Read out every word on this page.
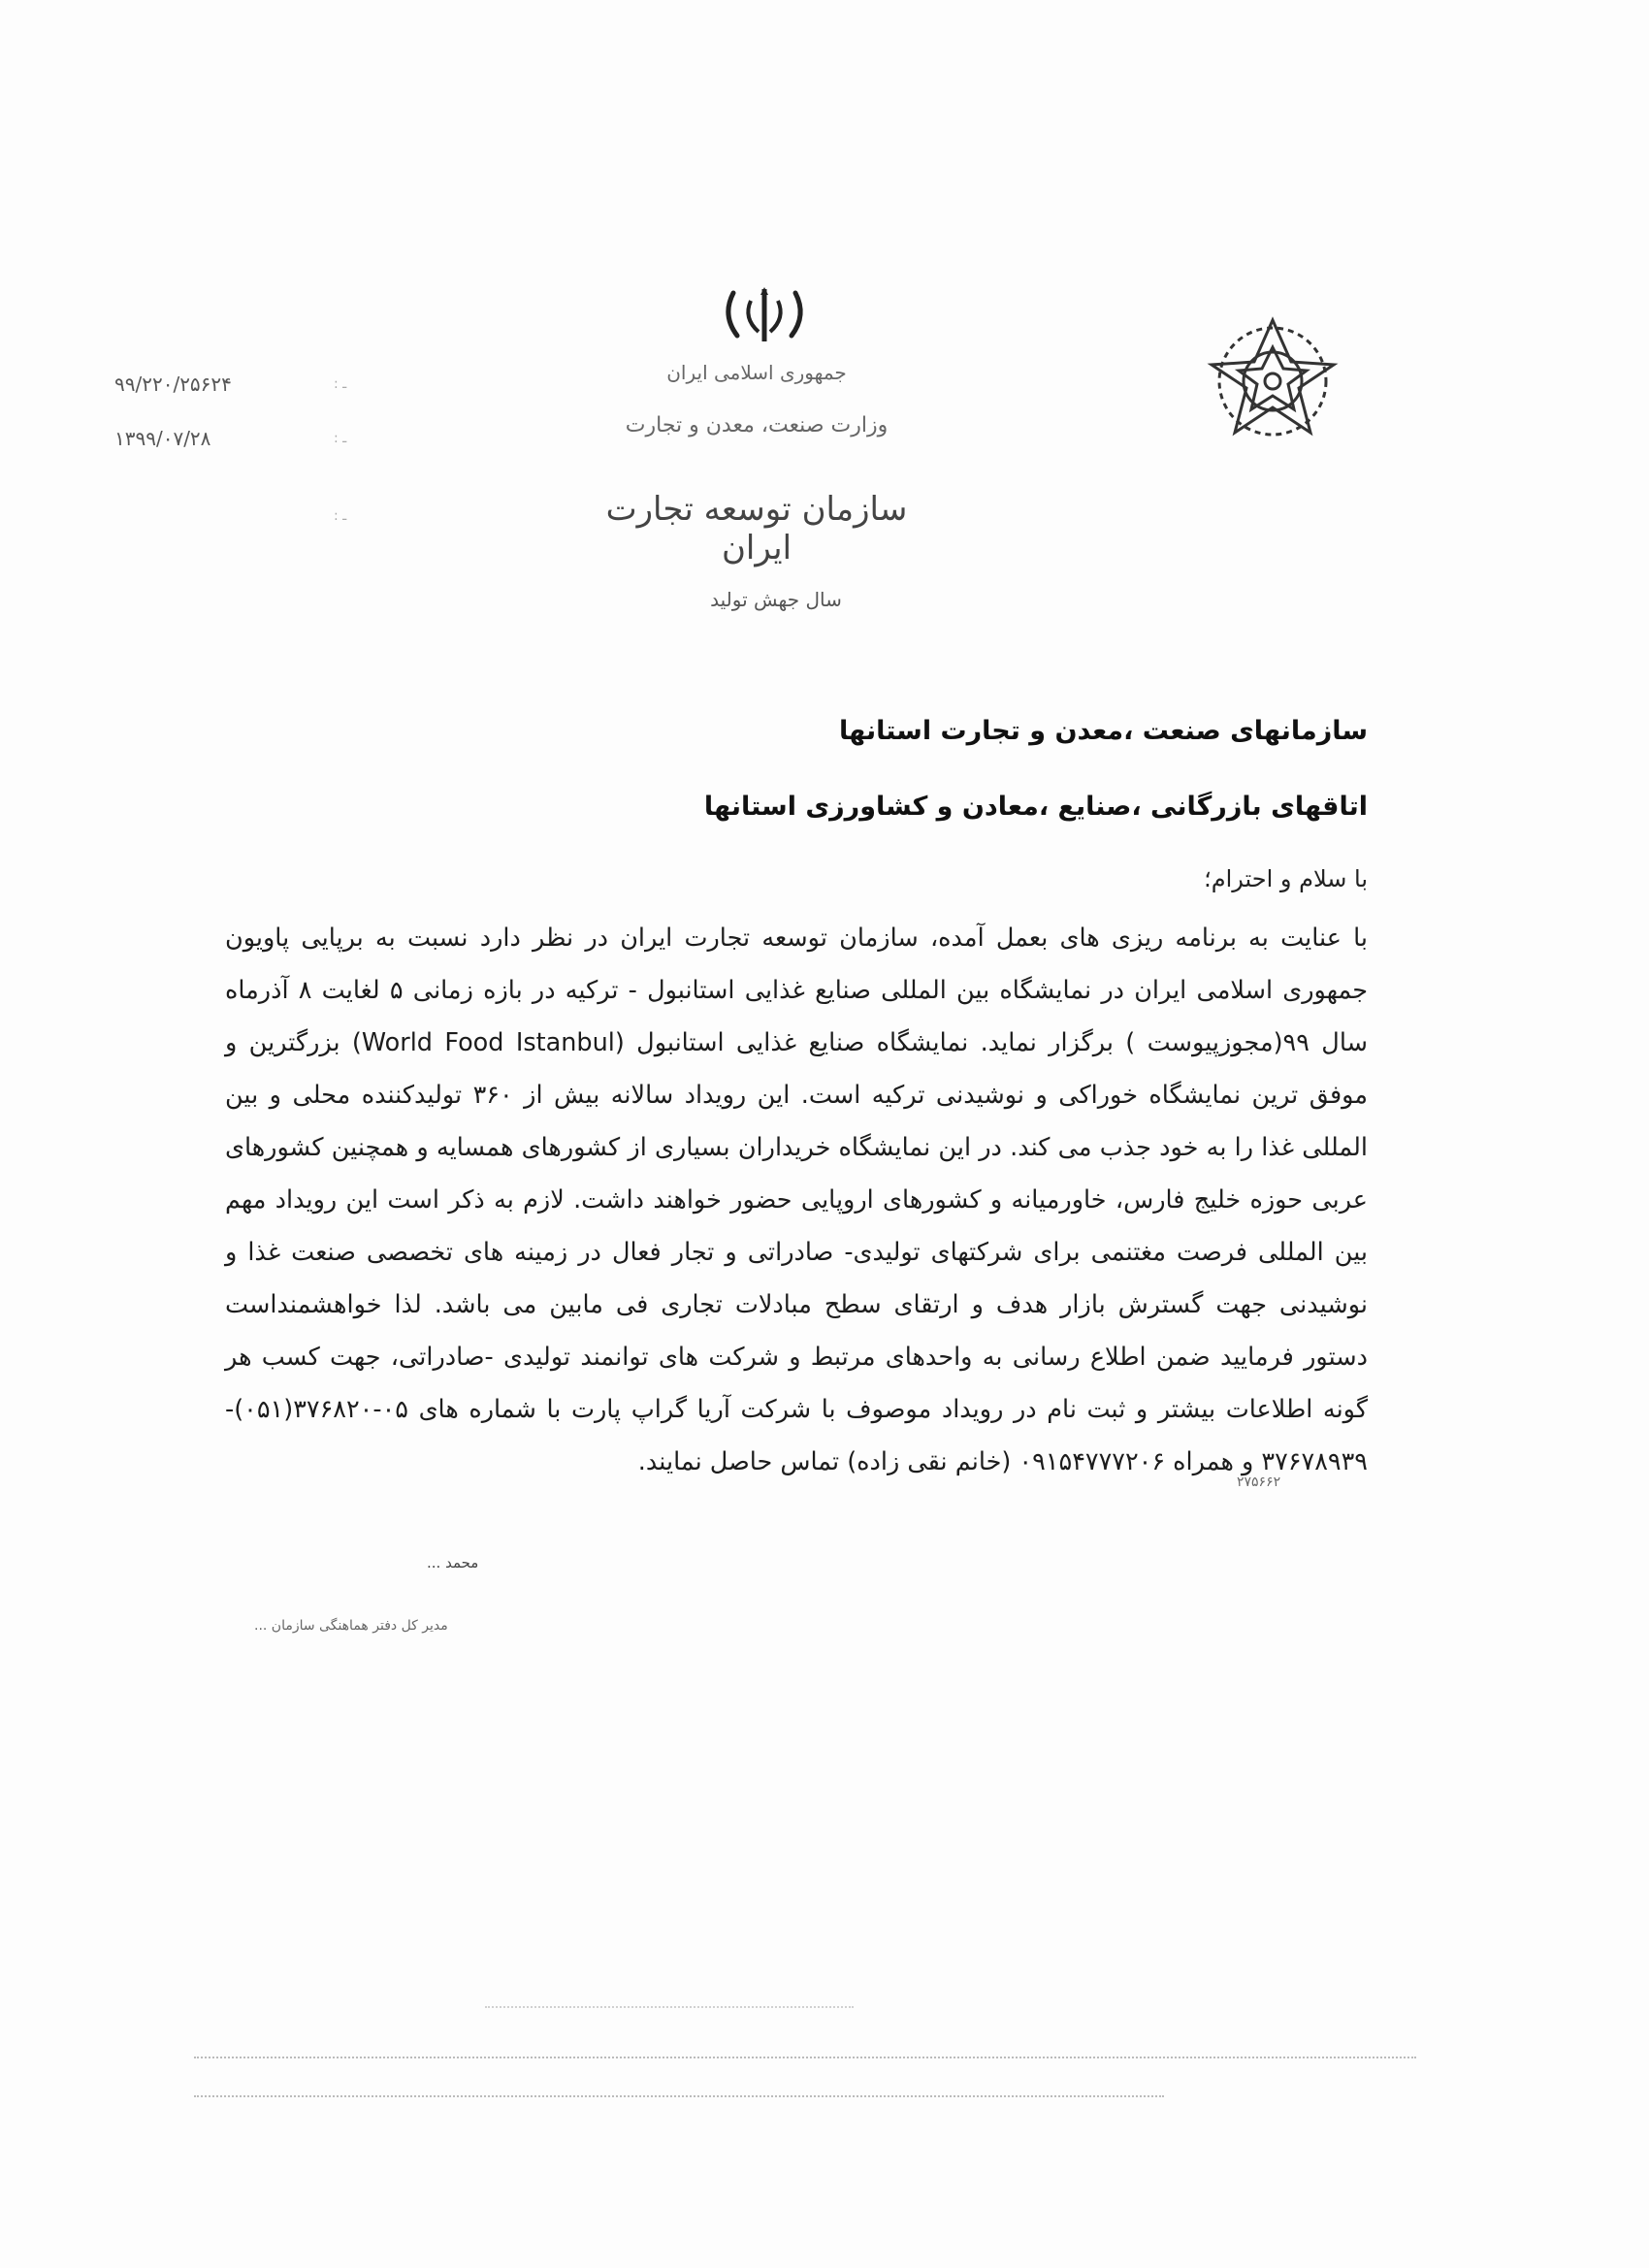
۹۹/۲۲۰/۲۵۶۲۴
۱۳۹۹/۰۷/۲۸
: ـ
: ـ
: ـ
جمهوری اسلامی ایران
وزارت صنعت، معدن و تجارت
سازمان توسعه تجارت ایران
سال جهش تولید
سازمانهای صنعت ،معدن و تجارت استانها
اتاقهای بازرگانی ،صنایع ،معادن و کشاورزی استانها
با سلام و احترام؛
با عنایت به برنامه ریزی های بعمل آمده، سازمان توسعه تجارت ایران در نظر دارد نسبت به برپایی پاویون جمهوری اسلامی ایران در نمایشگاه بین المللی صنایع غذایی استانبول - ترکیه در بازه زمانی ۵ لغایت ۸ آذرماه سال ۹۹(مجوزپیوست ) برگزار نماید. نمایشگاه صنایع غذایی استانبول (World Food Istanbul) بزرگترین و موفق ترین نمایشگاه خوراکی و نوشیدنی ترکیه است. این رویداد سالانه بیش از ۳۶۰ تولیدکننده محلی و بین المللی غذا را به خود جذب می کند. در این نمایشگاه خریداران بسیاری از کشورهای همسایه و همچنین کشورهای عربی حوزه خلیج فارس، خاورمیانه و کشورهای اروپایی حضور خواهند داشت. لازم به ذکر است این رویداد مهم بین المللی فرصت مغتنمی برای شرکتهای تولیدی- صادراتی و تجار فعال در زمینه های تخصصی صنعت غذا و نوشیدنی جهت گسترش بازار هدف و ارتقای سطح مبادلات تجاری فی مابین می باشد. لذا خواهشمنداست دستور فرمایید ضمن اطلاع رسانی به واحدهای مرتبط و شرکت های توانمند تولیدی -صادراتی، جهت کسب هر گونه اطلاعات بیشتر و ثبت نام در رویداد موصوف با شرکت آریا گراپ پارت با شماره های ۰۵-۳۷۶۸۲۰(۰۵۱)- ۳۷۶۷۸۹۳۹ و همراه ۰۹۱۵۴۷۷۷۲۰۶ (خانم نقی زاده) تماس حاصل نمایند.
۲۷۵۶۶۲
محمد ...
مدیر کل دفتر هماهنگی سازمان ...
